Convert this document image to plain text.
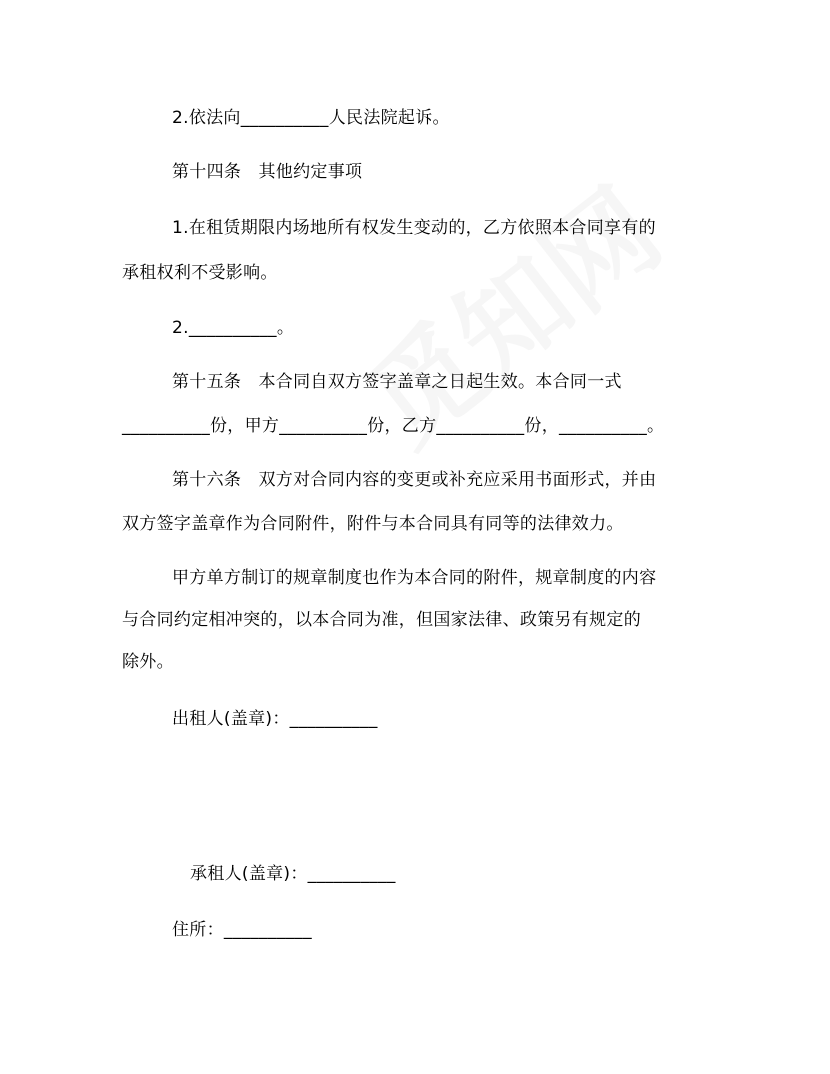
2.依法向__________人民法院起诉。
第十四条　其他约定事项
1.在租赁期限内场地所有权发生变动的，乙方依照本合同享有的
承租权利不受影响。
2.__________。
第十五条　本合同自双方签字盖章之日起生效。本合同一式
__________份，甲方__________份，乙方__________份，__________。
第十六条　双方对合同内容的变更或补充应采用书面形式，并由
双方签字盖章作为合同附件，附件与本合同具有同等的法律效力。
甲方单方制订的规章制度也作为本合同的附件，规章制度的内容
与合同约定相冲突的，以本合同为准，但国家法律、政策另有规定的
除外。
出租人(盖章)：__________
承租人(盖章)：__________
住所：__________
